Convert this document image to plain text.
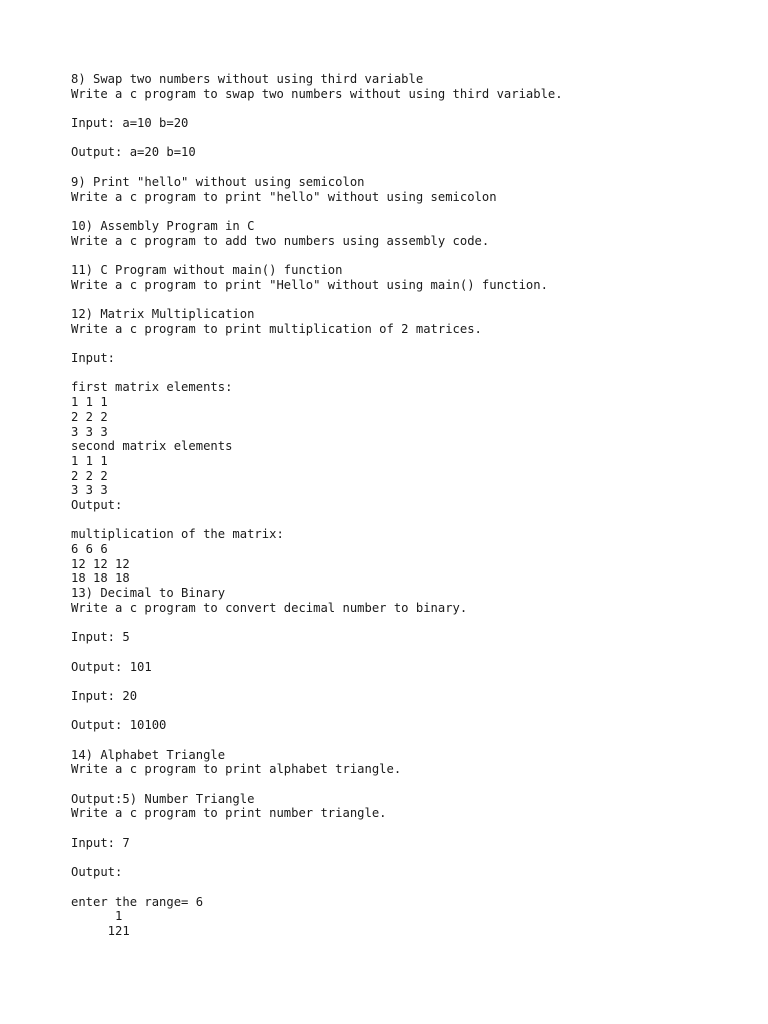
8) Swap two numbers without using third variable
Write a c program to swap two numbers without using third variable.
Input: a=10 b=20
Output: a=20 b=10
9) Print "hello" without using semicolon
Write a c program to print "hello" without using semicolon
10) Assembly Program in C
Write a c program to add two numbers using assembly code.
11) C Program without main() function
Write a c program to print "Hello" without using main() function.
12) Matrix Multiplication
Write a c program to print multiplication of 2 matrices.
Input:
first matrix elements:
1 1 1
2 2 2
3 3 3
second matrix elements
1 1 1
2 2 2
3 3 3
Output:
multiplication of the matrix:
6 6 6
12 12 12
18 18 18
13) Decimal to Binary
Write a c program to convert decimal number to binary.
Input: 5
Output: 101
Input: 20
Output: 10100
14) Alphabet Triangle
Write a c program to print alphabet triangle.
Output:5) Number Triangle
Write a c program to print number triangle.
Input: 7
Output:
enter the range= 6
1
121
